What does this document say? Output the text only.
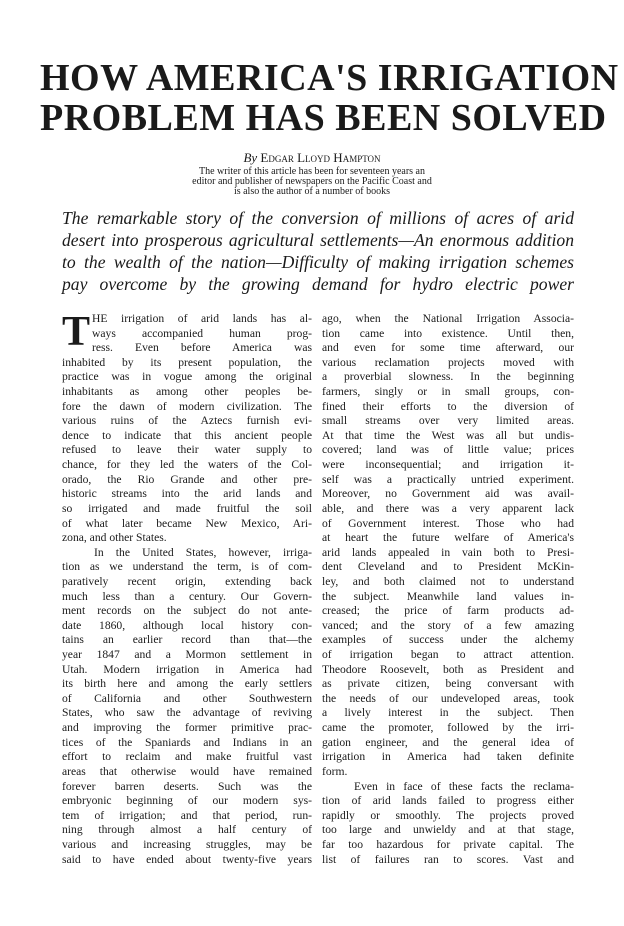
HOW AMERICA'S IRRIGATION
PROBLEM HAS BEEN SOLVED
By Edgar Lloyd Hampton
The writer of this article has been for seventeen years an
editor and publisher of newspapers on the Pacific Coast and
is also the author of a number of books
The remarkable story of the conversion of millions of acres of arid
desert into prosperous agricultural settlements—An enormous addition
to the wealth of the nation—Difficulty of making irrigation schemes
pay overcome by the growing demand for hydro electric power
T HE irrigation of arid lands has al-
ways accompanied human prog-
ress. Even before America was
inhabited by its present population, the
practice was in vogue among the original
inhabitants as among other peoples be-
fore the dawn of modern civilization. The
various ruins of the Aztecs furnish evi-
dence to indicate that this ancient people
refused to leave their water supply to
chance, for they led the waters of the Col-
orado, the Rio Grande and other pre-
historic streams into the arid lands and
so irrigated and made fruitful the soil
of what later became New Mexico, Ari-
zona, and other States.
In the United States, however, irriga-
tion as we understand the term, is of com-
paratively recent origin, extending back
much less than a century. Our Govern-
ment records on the subject do not ante-
date 1860, although local history con-
tains an earlier record than that—the
year 1847 and a Mormon settlement in
Utah. Modern irrigation in America had
its birth here and among the early settlers
of California and other Southwestern
States, who saw the advantage of reviving
and improving the former primitive prac-
tices of the Spaniards and Indians in an
effort to reclaim and make fruitful vast
areas that otherwise would have remained
forever barren deserts. Such was the
embryonic beginning of our modern sys-
tem of irrigation; and that period, run-
ning through almost a half century of
various and increasing struggles, may be
said to have ended about twenty-five years
ago, when the National Irrigation Associa-
tion came into existence. Until then,
and even for some time afterward, our
various reclamation projects moved with
a proverbial slowness. In the beginning
farmers, singly or in small groups, con-
fined their efforts to the diversion of
small streams over very limited areas.
At that time the West was all but undis-
covered; land was of little value; prices
were inconsequential; and irrigation it-
self was a practically untried experiment.
Moreover, no Government aid was avail-
able, and there was a very apparent lack
of Government interest. Those who had
at heart the future welfare of America's
arid lands appealed in vain both to Presi-
dent Cleveland and to President McKin-
ley, and both claimed not to understand
the subject. Meanwhile land values in-
creased; the price of farm products ad-
vanced; and the story of a few amazing
examples of success under the alchemy
of irrigation began to attract attention.
Theodore Roosevelt, both as President and
as private citizen, being conversant with
the needs of our undeveloped areas, took
a lively interest in the subject. Then
came the promoter, followed by the irri-
gation engineer, and the general idea of
irrigation in America had taken definite
form.
Even in face of these facts the reclama-
tion of arid lands failed to progress either
rapidly or smoothly. The projects proved
too large and unwieldy and at that stage,
far too hazardous for private capital. The
list of failures ran to scores. Vast and
